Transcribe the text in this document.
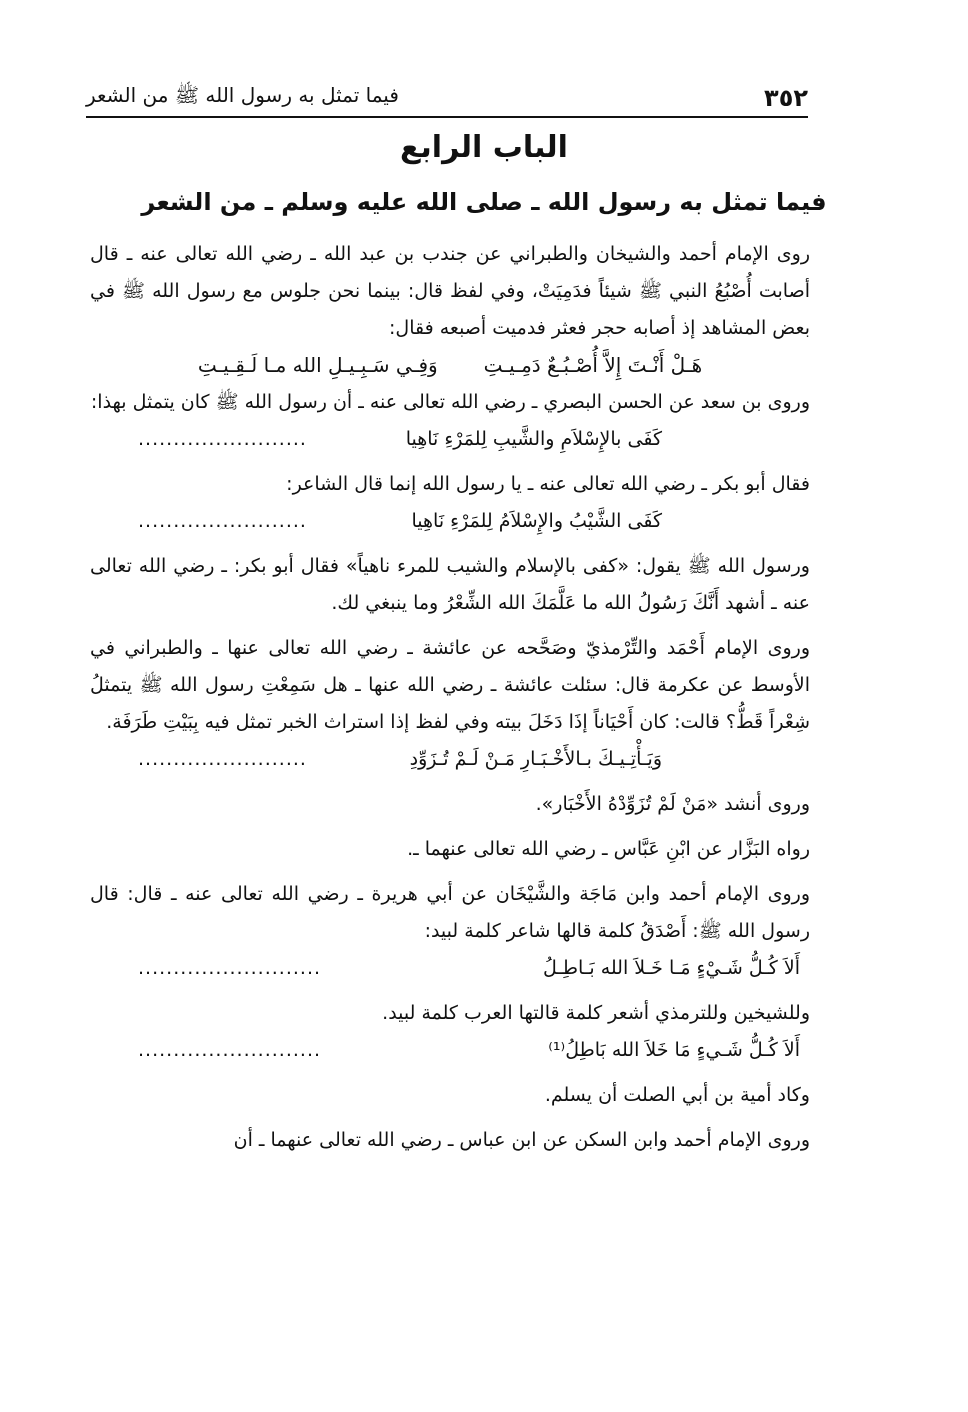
٣٥٢
فيما تمثل به رسول الله ﷺ من الشعر
الباب الرابع
فيما تمثل به رسول الله ـ صلى الله عليه وسلم ـ من الشعر

روى الإمام أحمد والشيخان والطبراني عن جندب بن عبد الله ـ رضي الله تعالى عنه ـ قال أصابت أُصْبُعُ النبي ﷺ شيئاً فدَمِيَتْ، وفي لفظ قال: بينما نحن جلوس مع رسول الله ﷺ في بعض المشاهد إذ أصابه حجر فعثر فدميت أصبعه فقال:

هَـلْ أَنْـتَ إِلاَّ أُصْـبُـعٌ دَمِـيـتِ
وَفِـي سَـبِـيـلِ الله مـا لَـقِـيـتِ

وروى بن سعد عن الحسن البصري ـ رضي الله تعالى عنه ـ أن رسول الله ﷺ كان يتمثل بهذا:

كَفَى بالإِسْلاَمِ والشَّيبِ لِلمَرْءِ نَاهِيا
........................

فقال أبو بكر ـ رضي الله تعالى عنه ـ يا رسول الله إنما قال الشاعر:

كَفَى الشَّيْبُ والإِسْلاَمُ لِلمَرْءِ نَاهِيا
........................

ورسول الله ﷺ يقول: «كفى بالإسلام والشيب للمرء ناهياً» فقال أبو بكر: ـ رضي الله تعالى عنه ـ أشهد أَنَّكَ رَسُولُ الله ما عَلَّمَكَ الله الشِّعْرُ وما ينبغي لك.

وروى الإمام أَحْمَد والتِّرْمذيّ وصَحَّحه عن عائشة ـ رضي الله تعالى عنها ـ والطبراني في الأوسط عن عكرمة قال: سئلت عائشة ـ رضي الله عنها ـ هل سَمِعْتِ رسول الله ﷺ يتمثلُ شِعْراً قَطُّ؟ قالت: كان أَحْيَاناً إذَا دَخَلَ بيته وفي لفظ إذا استراث الخبر تمثل فيه بِبَيْتِ طَرَفَة.

وَيَـأْتِـيـكَ بـالأَخْـبَـارِ مَـنْ لَـمْ تُـزَوِّدِ
........................

وروى أنشد «مَنْ لَمْ تُزَوِّدْهُ الأَخْبَار».

رواه البَزَّار عن ابْنِ عَبَّاس ـ رضي الله تعالى عنهما ـ.

وروى الإمام أحمد وابن مَاجَة والشَّيْخَان عن أبي هريرة ـ رضي الله تعالى عنه ـ قال: قال رسول الله ﷺ: أَصْدَقُ كلمة قالها شاعر كلمة لبيد:

أَلاَ كُـلُّ شَـيْءٍ مَـا خَـلاَ الله بَـاطِـلُ
..........................

وللشيخين وللترمذي أشعر كلمة قالتها العرب كلمة لبيد.

أَلاَ كُـلُّ شَـيءٍ مَا خَلاَ الله بَاطِلُ⁽¹⁾
..........................

وكاد أمية بن أبي الصلت أن يسلم.

وروى الإمام أحمد وابن السكن عن ابن عباس ـ رضي الله تعالى عنهما ـ أن
